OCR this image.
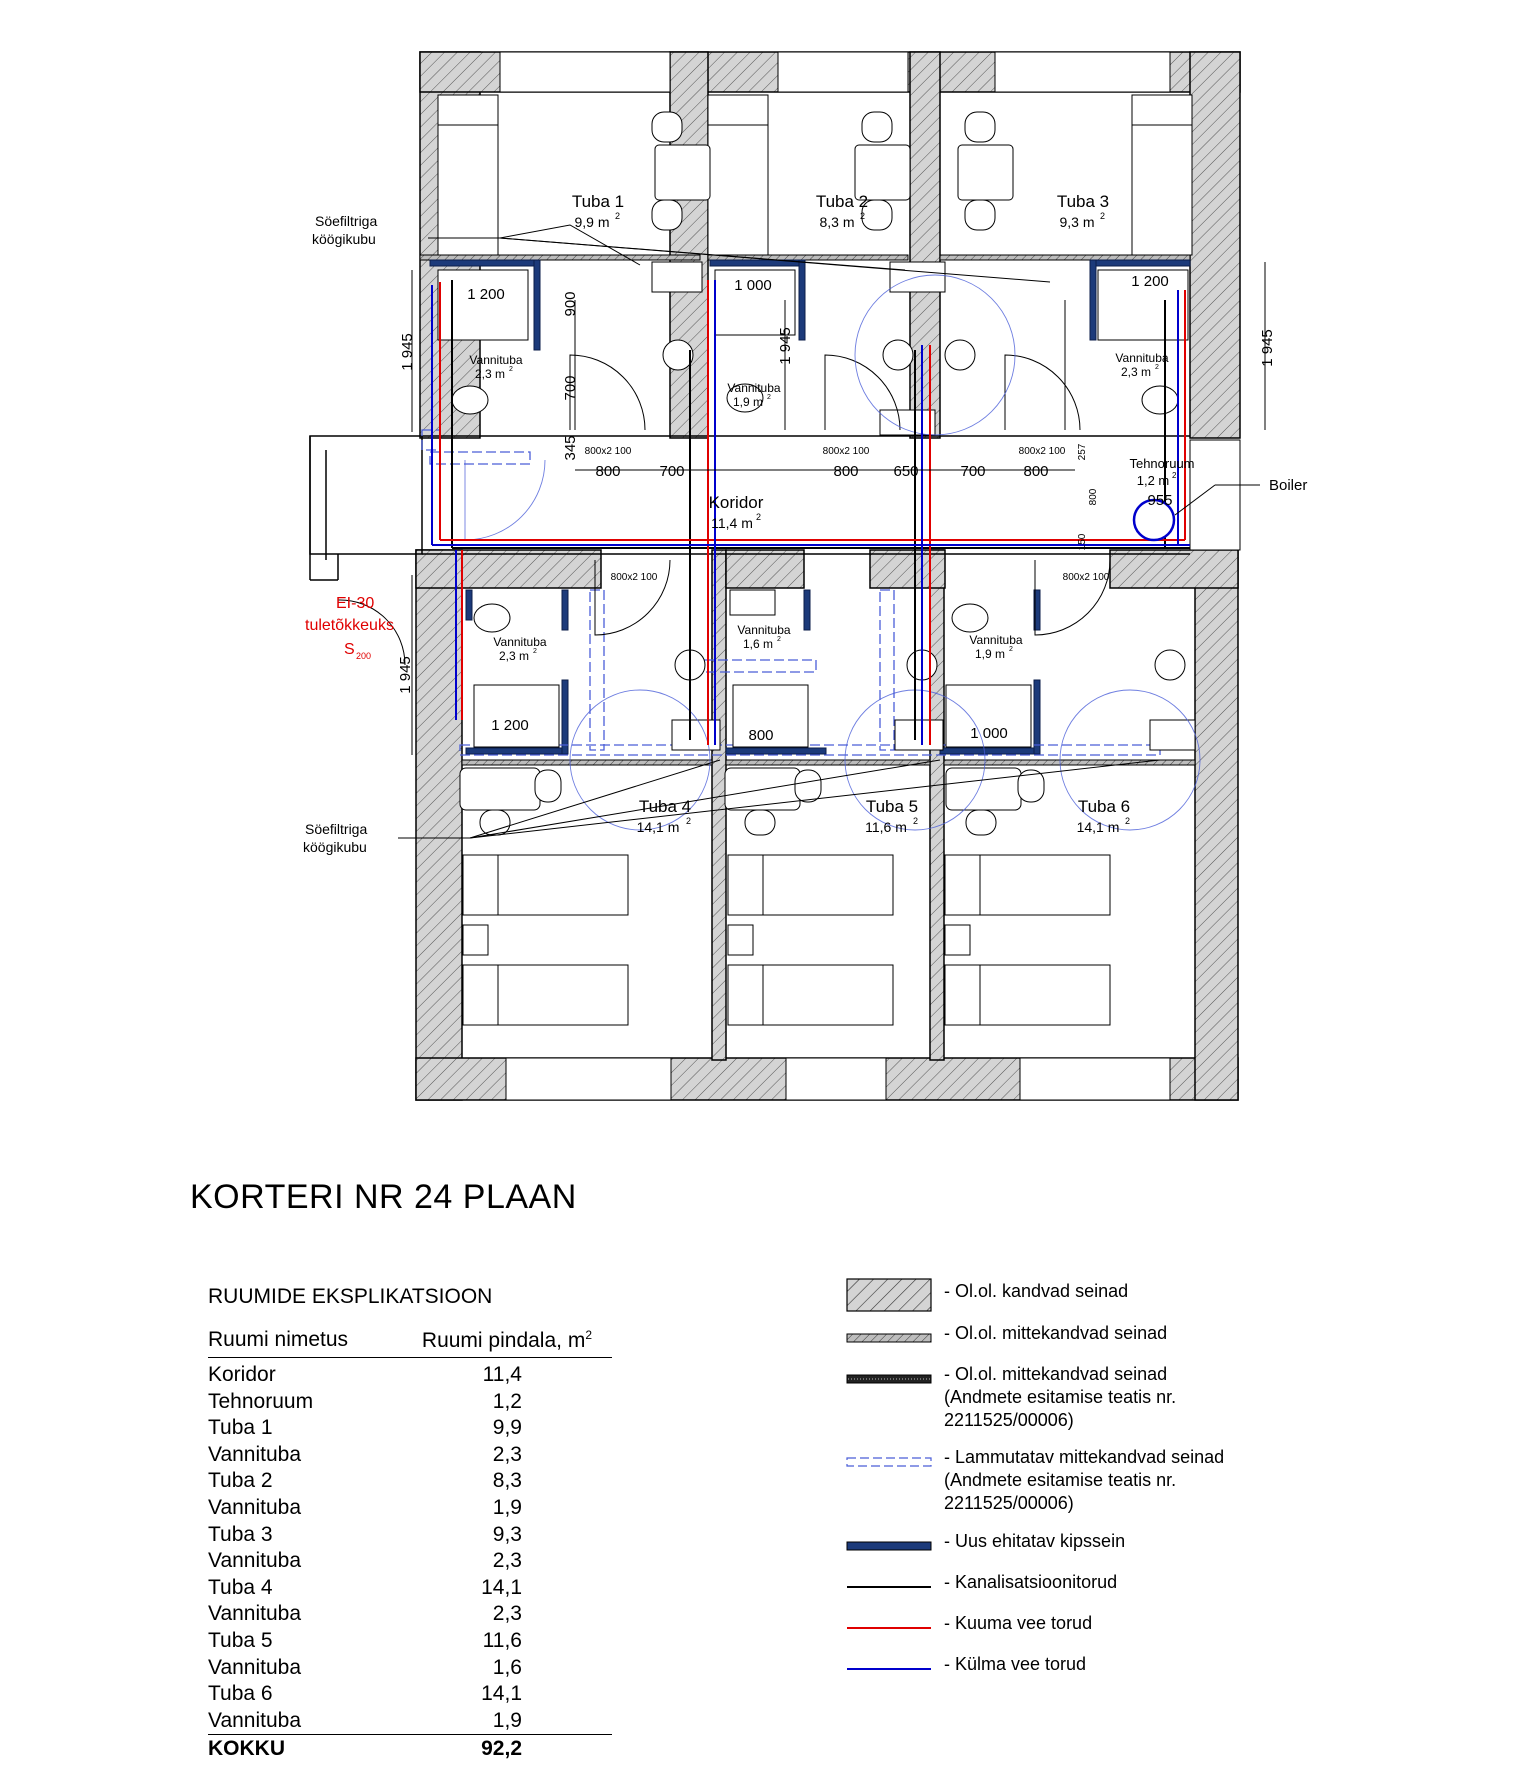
Tuba 1
9,9 m 2
Tuba 2
8,3 m 2
Tuba 3
9,3 m 2
Tuba 4
14,1 m 2
Tuba 5
11,6 m 2
Tuba 6
14,1 m 2
Koridor
11,4 m 2
Tehnoruum
1,2 m 2
Vannituba
2,3 m 2
Vannituba
1,9 m 2
Vannituba
2,3 m 2
Vannituba
2,3 m 2
Vannituba
1,6 m 2	Vannituba
1,9 m 2
Söefiltriga
köögikubu
Söefiltriga
köögikubu
Boiler
EI-30
tuletõkkeuks
S 200
1 200
1 000	1 200
1 200	1 000
800
1 945	1 945	1 945
1 945
900
700
345
800	700	800 650	700	800
955
257
800
150
800x2 100	800x2 100	800x2 100
800x2 100	800x2 100
KORTERI NR 24 PLAAN
RUUMIDE EKSPLIKATSIOON
Ruumi nimetus	Ruumi pindala, $m^2$
Koridor	11,4
Tehnoruum	1,2
Tuba 1	9,9
Vannituba	2,3
Tuba 2	8,3
Vannituba	1,9
Tuba 3	9,3
Vannituba	2,3
Tuba 4	14,1
Vannituba	2,3
Tuba 5	11,6
Vannituba	1,6
Tuba 6	14,1
Vannituba	1,9
KOKKU	92,2
- Ol.ol. kandvad seinad
- Ol.ol. mittekandvad seinad
- Ol.ol. mittekandvad seinad
(Andmete esitamise teatis nr.
2211525/00006)
- Lammutatav mittekandvad seinad
(Andmete esitamise teatis nr.
2211525/00006)
- Uus ehitatav kipssein
- Kanalisatsioonitorud
- Kuuma vee torud
- Külma vee torud
